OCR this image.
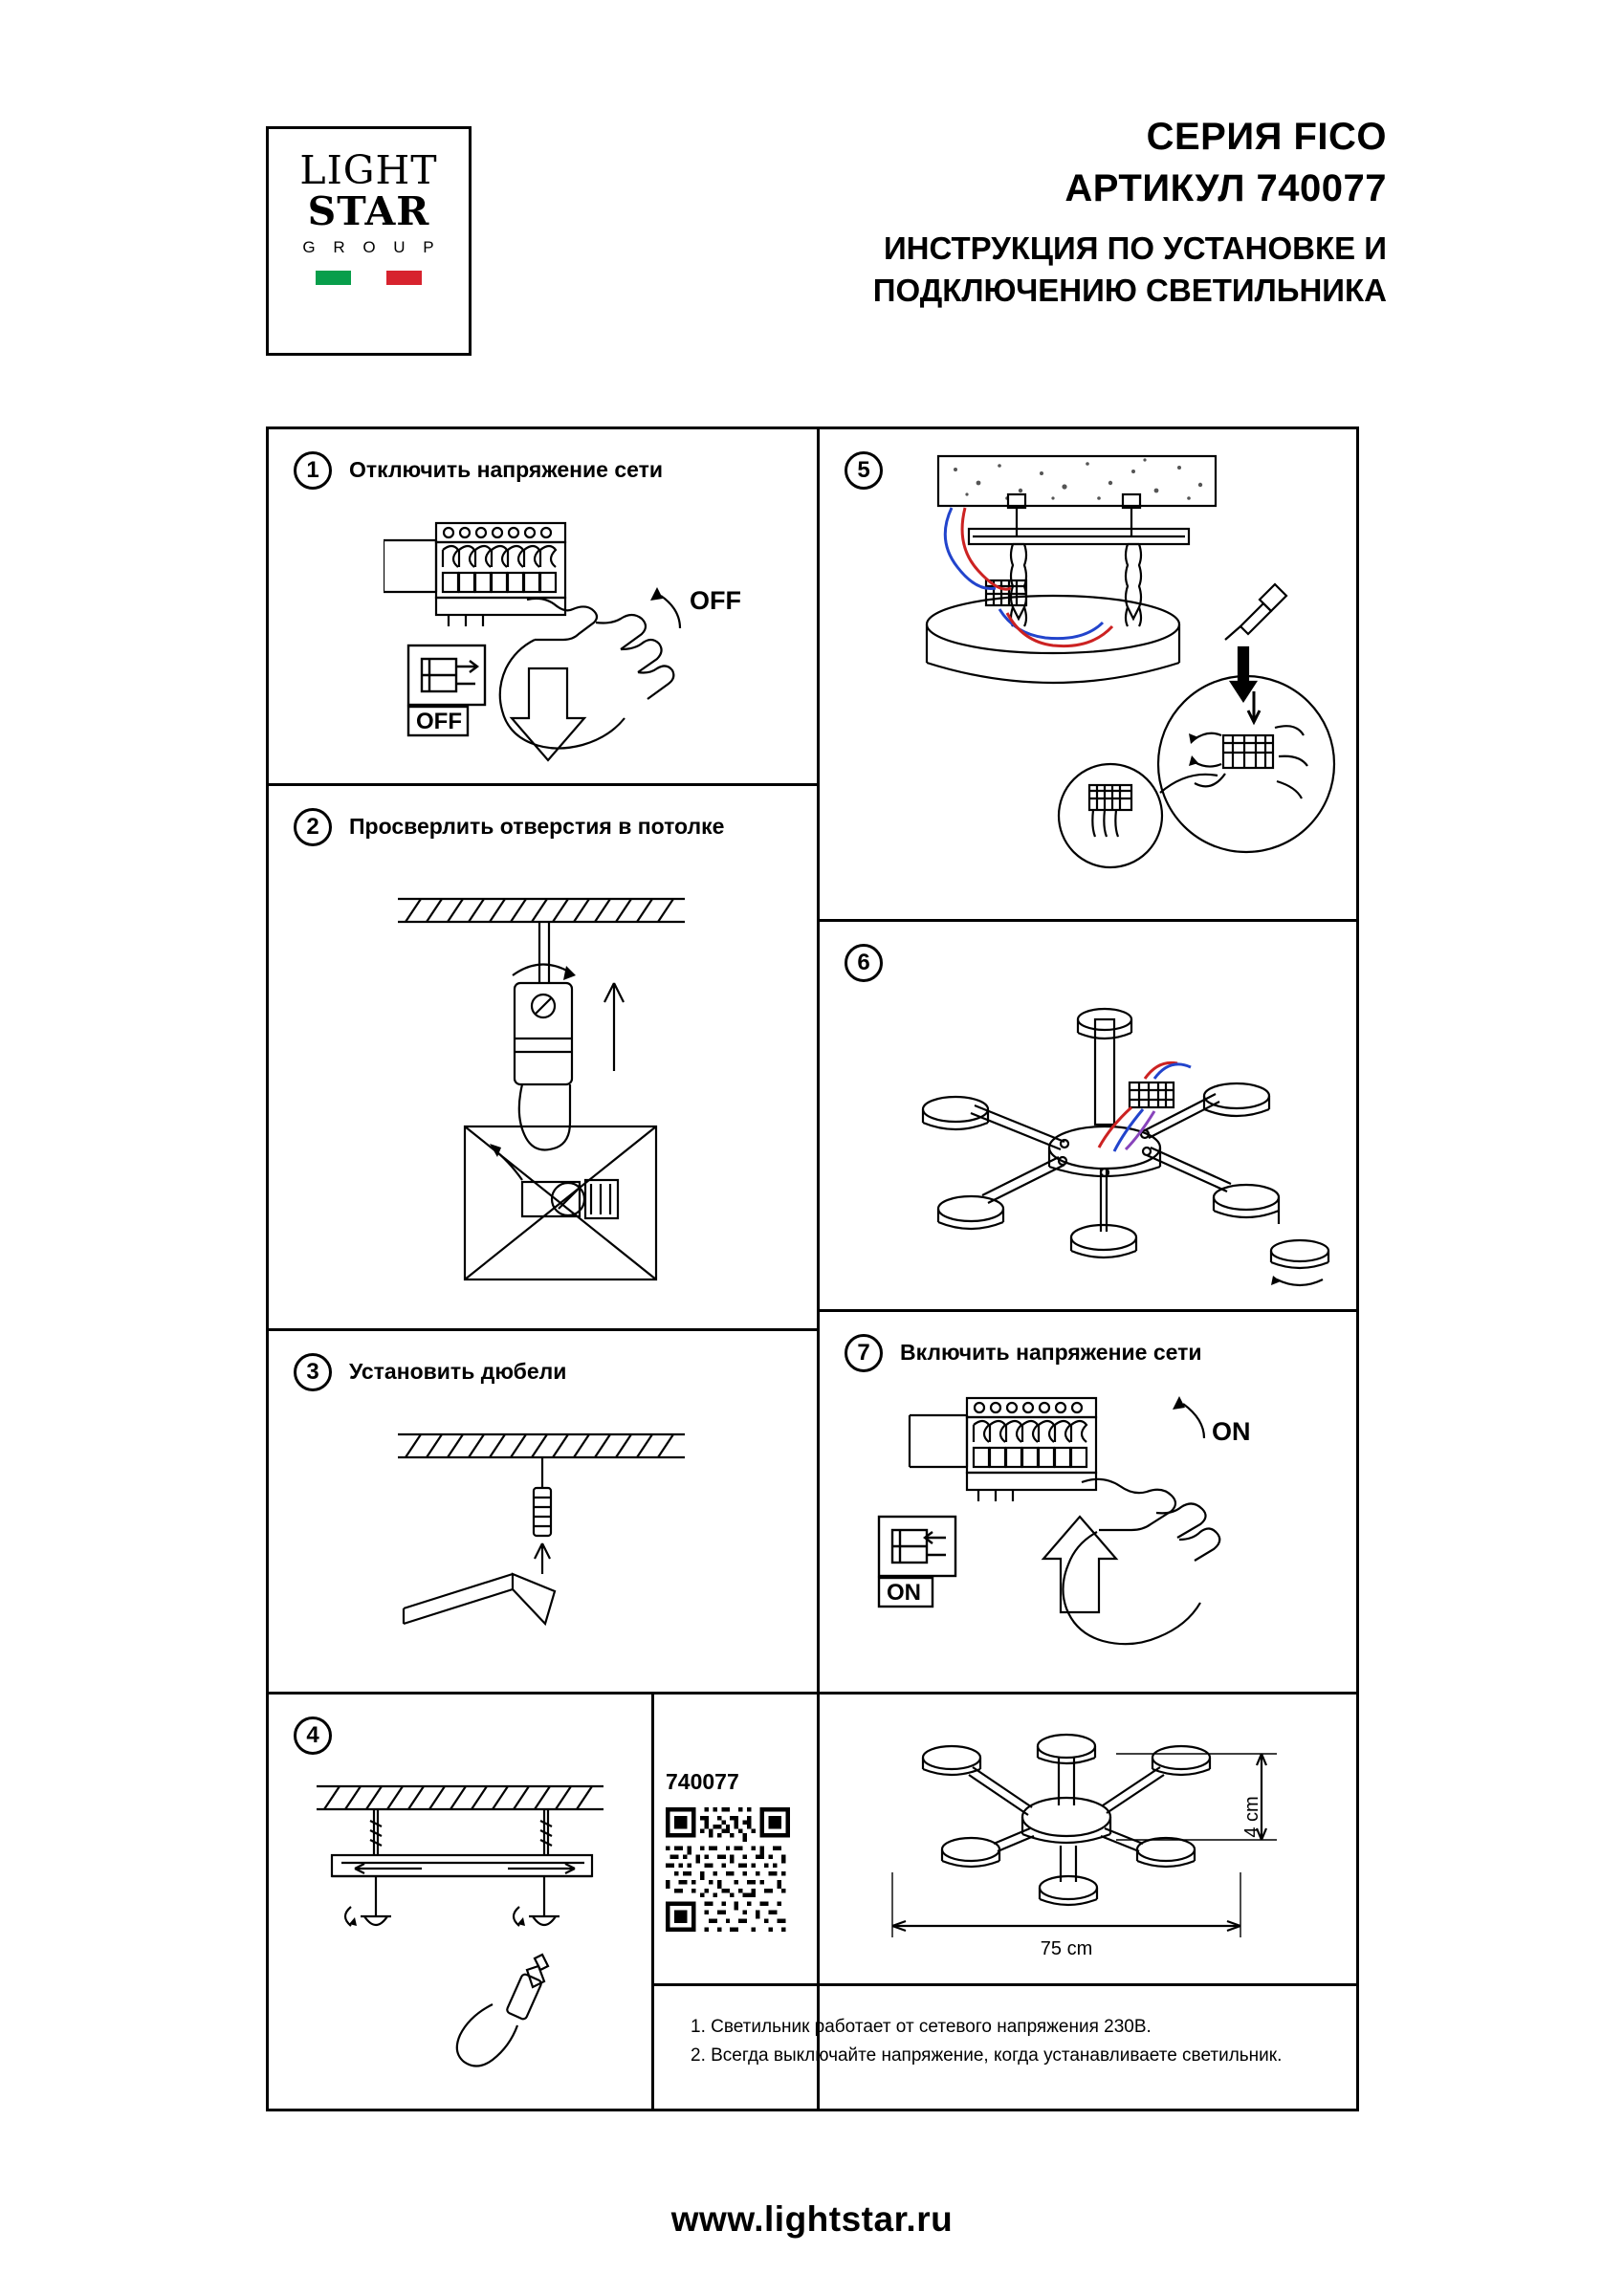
LIGHT
STAR
G R O U P
СЕРИЯ FICO
АРТИКУЛ 740077
ИНСТРУКЦИЯ ПО УСТАНОВКЕ И
ПОДКЛЮЧЕНИЮ СВЕТИЛЬНИКА
1	Отключить напряжение сети
OFF
OFF
2	Просверлить отверстия в потолке
3	Установить дюбели
4
740077
5
6
7	Включить напряжение сети
ON
ON
4 cm
75 cm
1. Светильник работает от сетевого напряжения 230В.
2. Всегда выключайте напряжение, когда устанавливаете светильник.
www.lightstar.ru
